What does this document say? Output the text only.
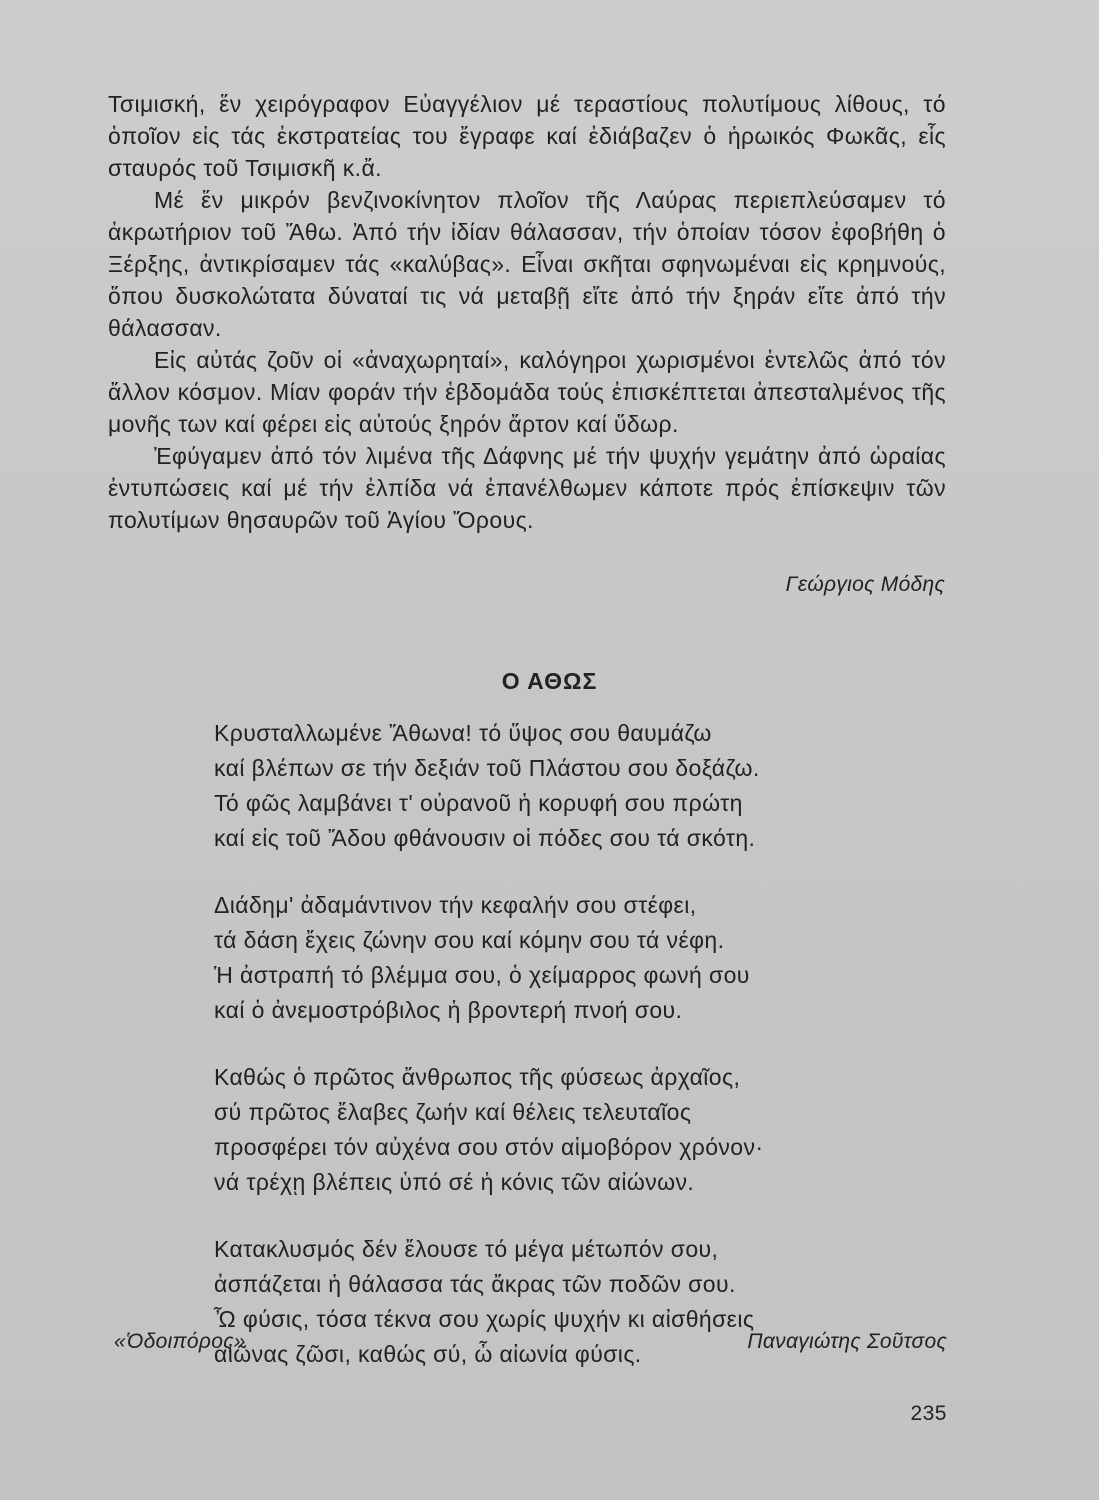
Τσιμισκή, ἕν χειρόγραφον Εὐαγγέλιον μέ τεραστίους πολυτίμους λίθους, τό ὁποῖον εἰς τάς ἐκστρατείας του ἔγραφε καί ἐδιάβαζεν ὁ ἡρωικός Φωκᾶς, εἷς σταυρός τοῦ Τσιμισκῆ κ.ἄ.

Μέ ἕν μικρόν βενζινοκίνητον πλοῖον τῆς Λαύρας περιεπλεύσαμεν τό ἀκρωτήριον τοῦ Ἄθω. Ἀπό τήν ἰδίαν θάλασσαν, τήν ὁποίαν τόσον ἐφοβήθη ὁ Ξέρξης, ἀντικρίσαμεν τάς «καλύβας». Εἶναι σκῆται σφηνωμέναι εἰς κρημνούς, ὅπου δυσκολώτατα δύναταί τις νά μεταβῇ εἴτε ἀπό τήν ξηράν εἴτε ἀπό τήν θάλασσαν.

Εἰς αὐτάς ζοῦν οἱ «ἀναχωρηταί», καλόγηροι χωρισμένοι ἐντελῶς ἀπό τόν ἄλλον κόσμον. Μίαν φοράν τήν ἑβδομάδα τούς ἐπισκέπτεται ἀπεσταλμένος τῆς μονῆς των καί φέρει εἰς αὐτούς ξηρόν ἄρτον καί ὕδωρ.

Ἐφύγαμεν ἀπό τόν λιμένα τῆς Δάφνης μέ τήν ψυχήν γεμάτην ἀπό ὡραίας ἐντυπώσεις καί μέ τήν ἐλπίδα νά ἐπανέλθωμεν κάποτε πρός ἐπίσκεψιν τῶν πολυτίμων θησαυρῶν τοῦ Ἁγίου Ὄρους.

Γεώργιος Μόδης
Ο ΑΘΩΣ
Κρυσταλλωμένε Ἄθωνα! τό ὕψος σου θαυμάζω
καί βλέπων σε τήν δεξιάν τοῦ Πλάστου σου δοξάζω.
Τό φῶς λαμβάνει τ' οὐρανοῦ ἡ κορυφή σου πρώτη
καί εἰς τοῦ Ἄδου φθάνουσιν οἱ πόδες σου τά σκότη.
Διάδημ' ἀδαμάντινον τήν κεφαλήν σου στέφει,
τά δάση ἔχεις ζώνην σου καί κόμην σου τά νέφη.
Ἡ ἀστραπή τό βλέμμα σου, ὁ χείμαρρος φωνή σου
καί ὁ ἀνεμοστρόβιλος ἡ βροντερή πνοή σου.
Καθώς ὁ πρῶτος ἄνθρωπος τῆς φύσεως ἀρχαῖος,
σύ πρῶτος ἔλαβες ζωήν καί θέλεις τελευταῖος
προσφέρει τόν αὐχένα σου στόν αἱμοβόρον χρόνον·
νά τρέχῃ βλέπεις ὑπό σέ ἡ κόνις τῶν αἰώνων.
Κατακλυσμός δέν ἔλουσε τό μέγα μέτωπόν σου,
ἀσπάζεται ἡ θάλασσα τάς ἄκρας τῶν ποδῶν σου.
Ὦ φύσις, τόσα τέκνα σου χωρίς ψυχήν κι αἰσθήσεις
αἰῶνας ζῶσι, καθώς σύ, ὦ αἰωνία φύσις.
«Ὁδοιπόρος»	Παναγιώτης Σοῦτσος
235
